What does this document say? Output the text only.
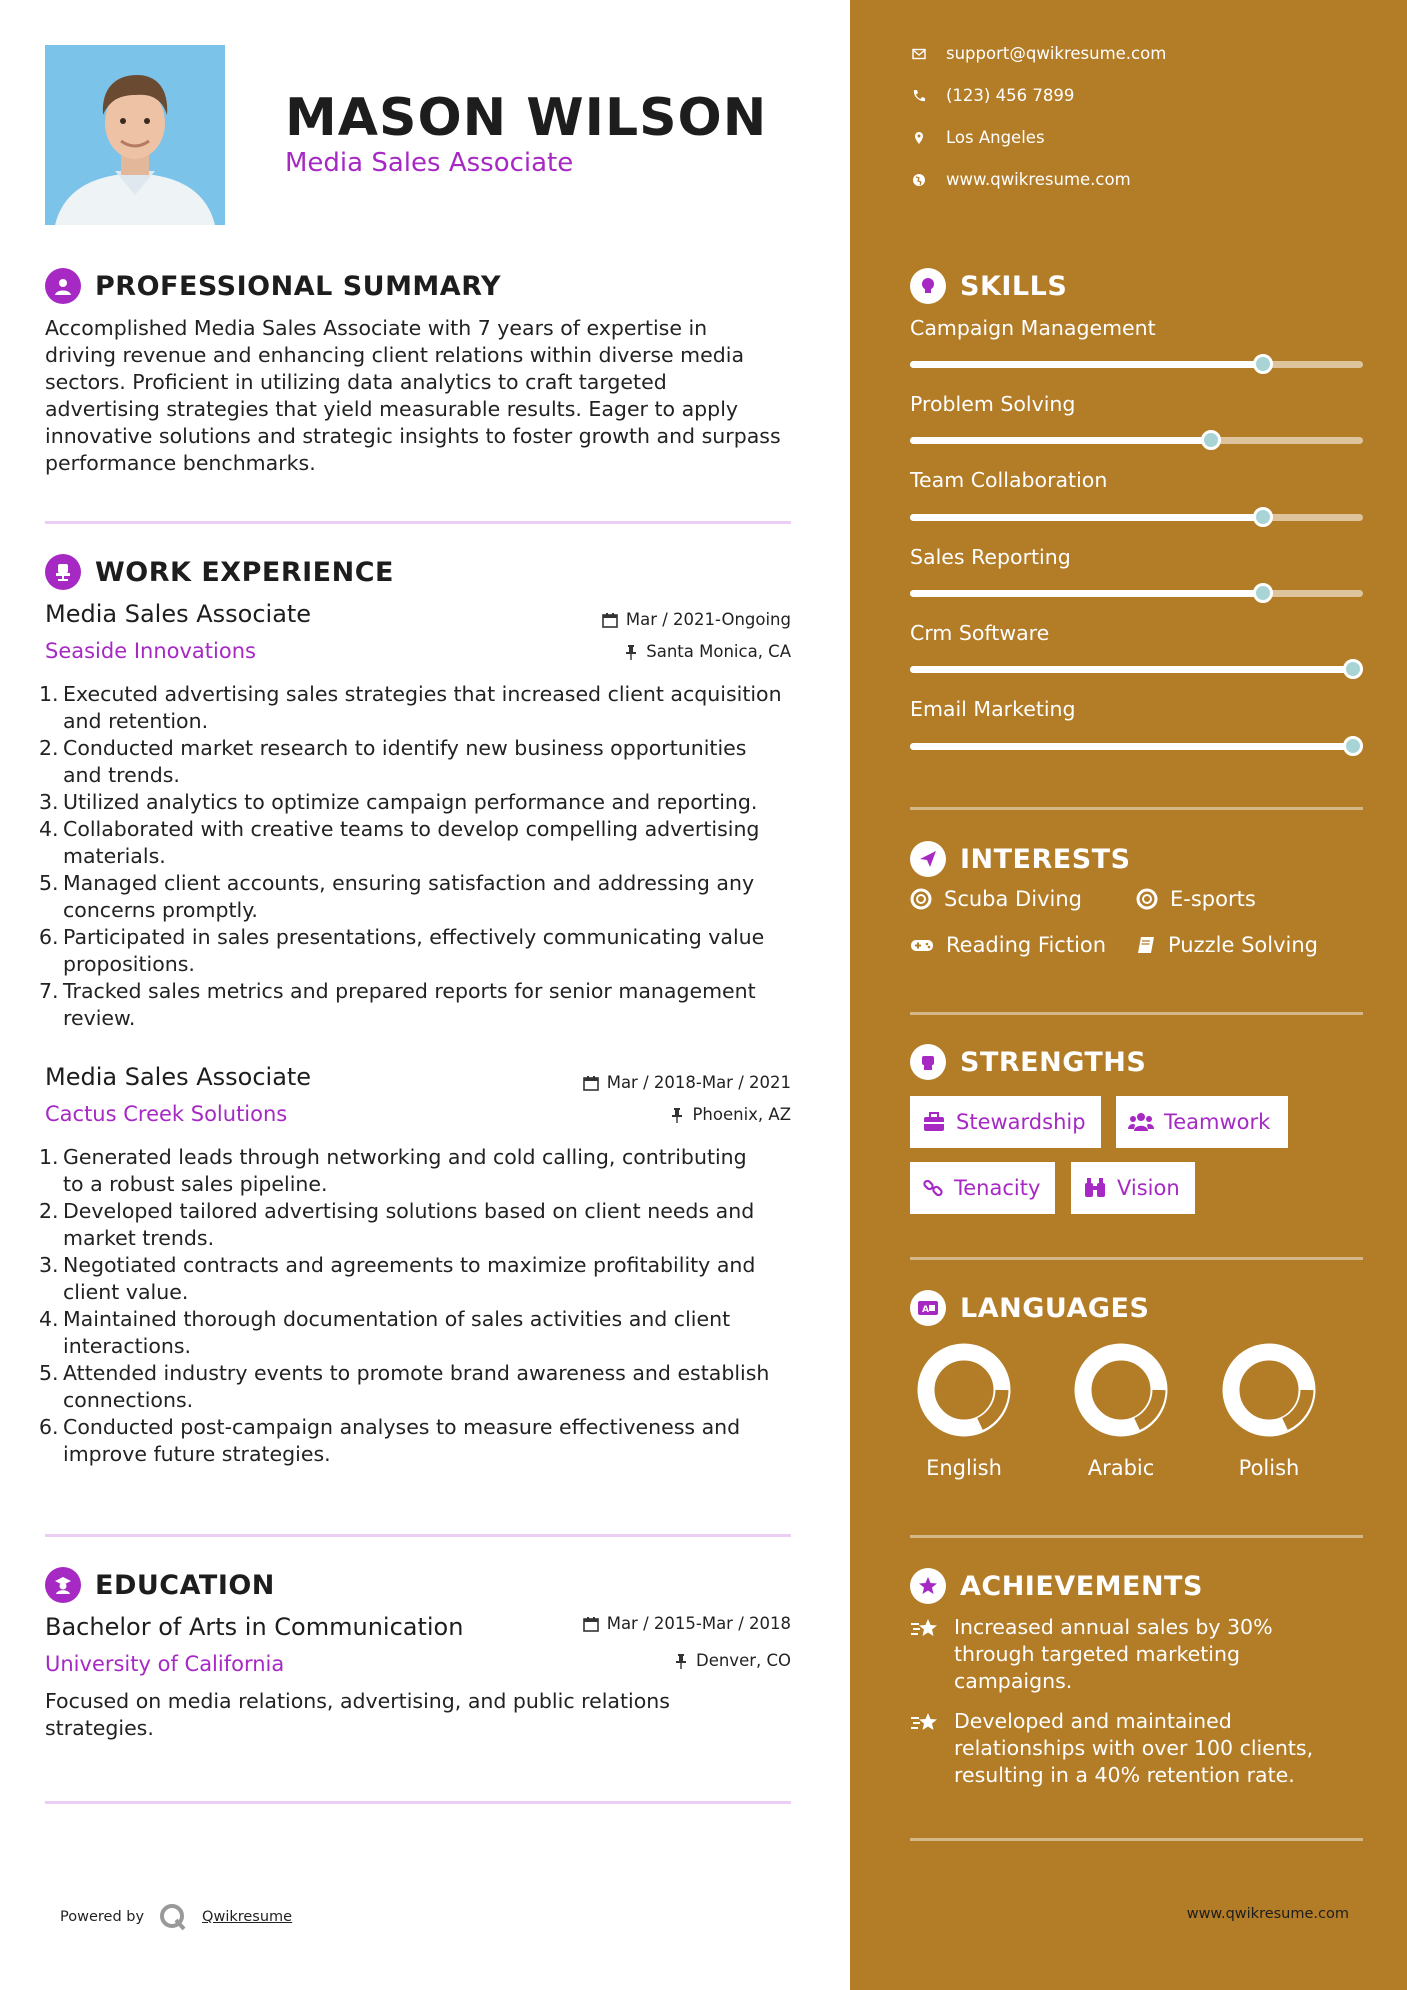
MASON WILSON
Media Sales Associate
PROFESSIONAL SUMMARY
Accomplished Media Sales Associate with 7 years of expertise in
driving revenue and enhancing client relations within diverse media
sectors. Proficient in utilizing data analytics to craft targeted
advertising strategies that yield measurable results. Eager to apply
innovative solutions and strategic insights to foster growth and surpass
performance benchmarks.
WORK EXPERIENCE
Media Sales Associate	Mar / 2021-Ongoing
Seaside Innovations	Santa Monica, CA
Executed advertising sales strategies that increased client acquisition
and retention.
Conducted market research to identify new business opportunities
and trends.
Utilized analytics to optimize campaign performance and reporting.
Collaborated with creative teams to develop compelling advertising
materials.
Managed client accounts, ensuring satisfaction and addressing any
concerns promptly.
Participated in sales presentations, effectively communicating value
propositions.
Tracked sales metrics and prepared reports for senior management
review.
Media Sales Associate	Mar / 2018-Mar / 2021
Cactus Creek Solutions	Phoenix, AZ
Generated leads through networking and cold calling, contributing
to a robust sales pipeline.
Developed tailored advertising solutions based on client needs and
market trends.
Negotiated contracts and agreements to maximize profitability and
client value.
Maintained thorough documentation of sales activities and client
interactions.
Attended industry events to promote brand awareness and establish
connections.
Conducted post-campaign analyses to measure effectiveness and
improve future strategies.
EDUCATION
Bachelor of Arts in Communication	Mar / 2015-Mar / 2018
University of California	Denver, CO
Focused on media relations, advertising, and public relations
strategies.
Powered by	Qwikresume
support@qwikresume.com
(123) 456 7899
Los Angeles
www.qwikresume.com
SKILLS
Campaign Management
Problem Solving
Team Collaboration
Sales Reporting
Crm Software
Email Marketing
INTERESTS
Scuba Diving	E-sports
Reading Fiction	Puzzle Solving
STRENGTHS
Stewardship	Teamwork
Tenacity	Vision
A LANGUAGES
English	Arabic	Polish
ACHIEVEMENTS
Increased annual sales by 30%
through targeted marketing
campaigns.
Developed and maintained
relationships with over 100 clients,
resulting in a 40% retention rate.
www.qwikresume.com
